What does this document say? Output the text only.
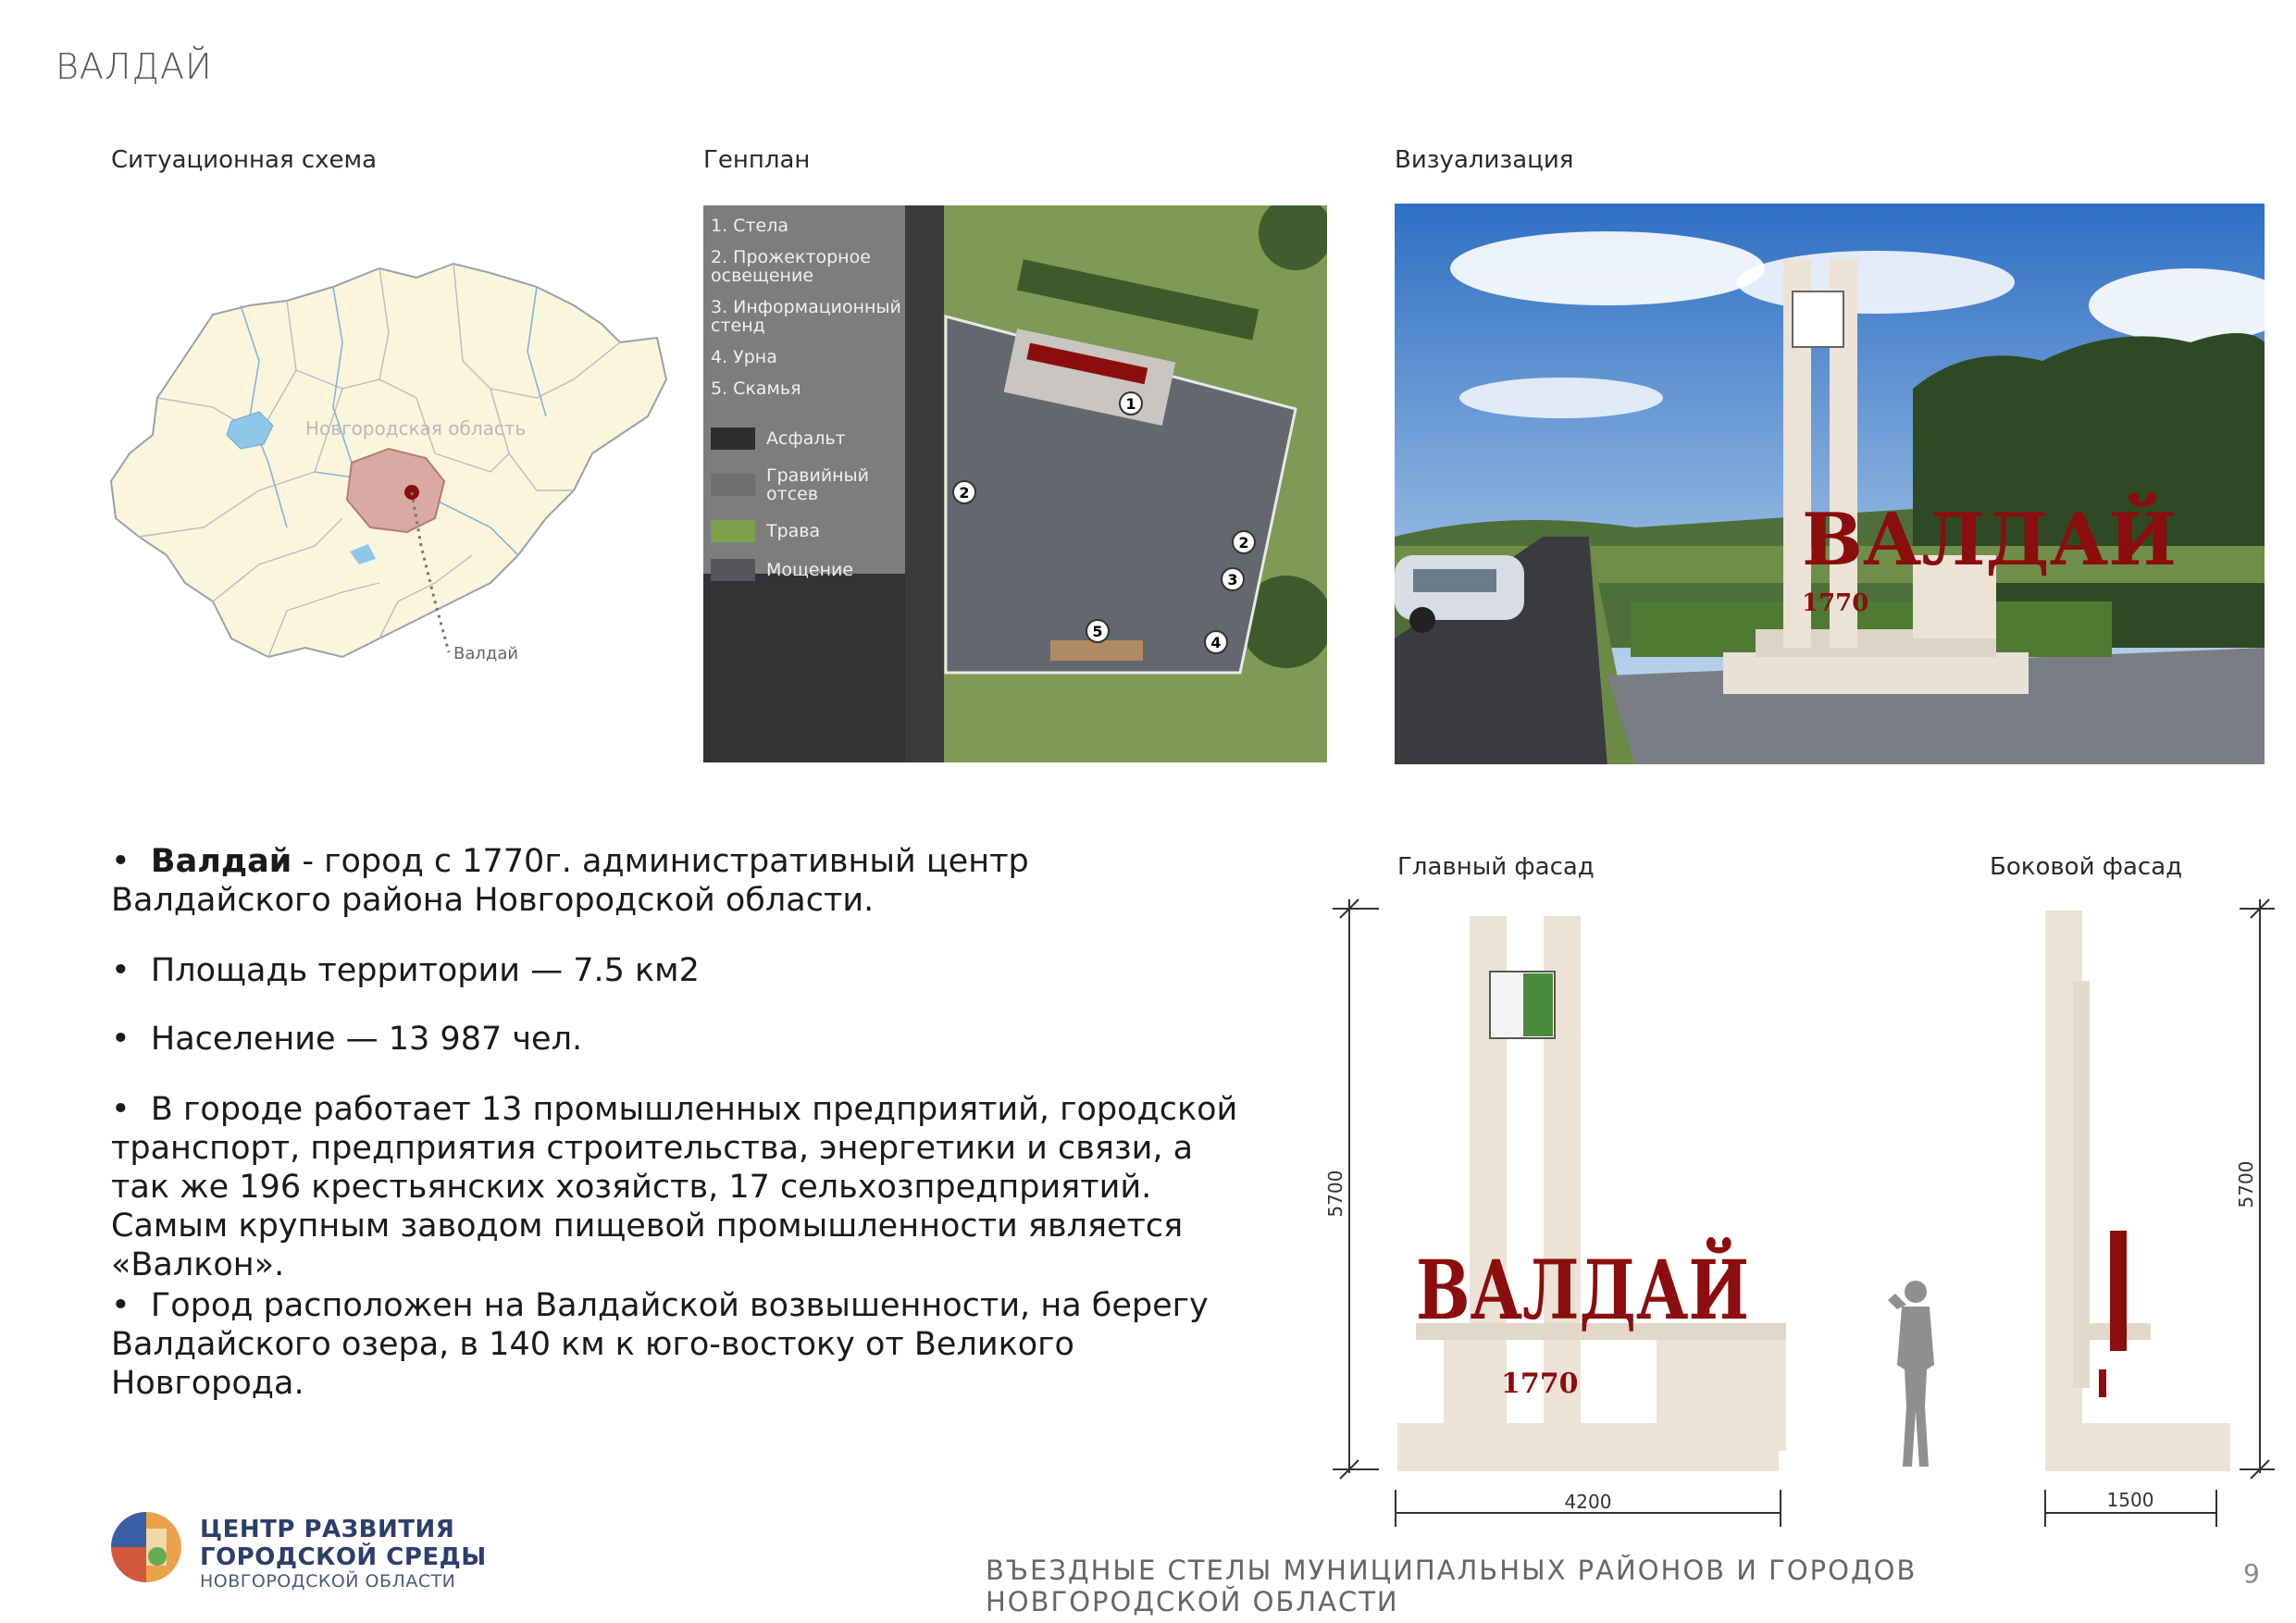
ВАЛДАЙ
Ситуационная схема	Генплан	Визуализация
Новгородская область
Валдай
1. Стела
2. Прожекторное освещение
3. Информационный стенд
4. Урна
5. Скамья
Асфальт
Гравийный отсев
Трава
Мощение
1
2
2
3
4
5
ВАЛДАЙ
1770
•  Валдай - город с 1770г. административный центр Валдайского района Новгородской области.
•  Площадь территории — 7.5 км2
•  Население — 13 987 чел.
•  В городе работает 13 промышленных предприятий, городской транспорт, предприятия строительства, энергетики и связи, а так же 196 крестьянских хозяйств, 17 сельхозпредприятий. Самым крупным заводом пищевой промышленности является «Валкон».
•  Город расположен на Валдайской возвышенности, на берегу Валдайского озера, в 140 км к юго-востоку от Великого Новгорода.
Главный фасад	Боковой фасад
5700
ВАЛДАЙ
1770
4200
5700
1500
ЦЕНТР РАЗВИТИЯ
ГОРОДСКОЙ СРЕДЫ
НОВГОРОДСКОЙ ОБЛАСТИ	ВЪЕЗДНЫЕ СТЕЛЫ МУНИЦИПАЛЬНЫХ РАЙОНОВ И ГОРОДОВ НОВГОРОДСКОЙ ОБЛАСТИ
9
